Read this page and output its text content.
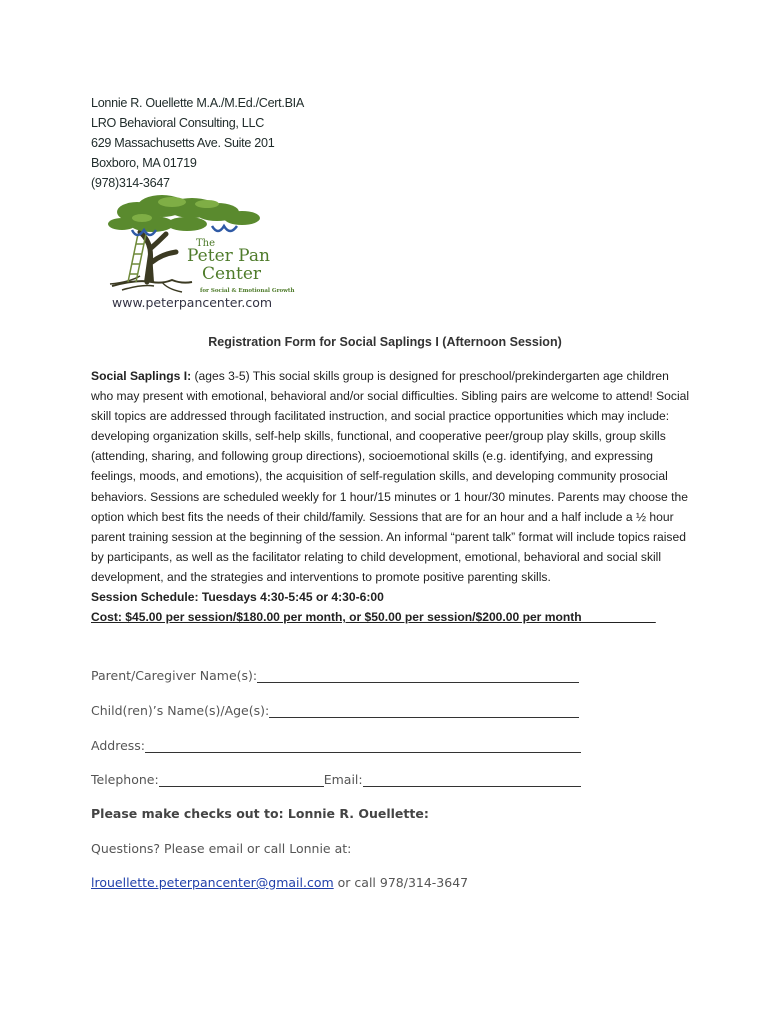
Lonnie R. Ouellette M.A./M.Ed./Cert.BIA
LRO Behavioral Consulting, LLC
629 Massachusetts Ave. Suite 201
Boxboro, MA 01719
(978)314-3647
The
Peter Pan
Center
for Social & Emotional Growth
www.peterpancenter.com
Registration Form for Social Saplings I (Afternoon Session)

Social Saplings I: (ages 3-5) This social skills group is designed for preschool/prekindergarten age children who may present with emotional, behavioral and/or social difficulties. Sibling pairs are welcome to attend! Social skill topics are addressed through facilitated instruction, and social practice opportunities which may include: developing organization skills, self-help skills, functional, and cooperative peer/group play skills, group skills (attending, sharing, and following group directions), socioemotional skills (e.g. identifying, and expressing feelings, moods, and emotions), the acquisition of self-regulation skills, and developing community prosocial behaviors. Sessions are scheduled weekly for 1 hour/15 minutes or 1 hour/30 minutes. Parents may choose the option which best fits the needs of their child/family. Sessions that are for an hour and a half include a ½ hour parent training session at the beginning of the session. An informal “parent talk” format will include topics raised by participants, as well as the facilitator relating to child development, emotional, behavioral and social skill development, and the strategies and interventions to promote positive parenting skills.

Session Schedule: Tuesdays 4:30-5:45 or 4:30-6:00

Cost: $45.00 per session/$180.00 per month, or $50.00 per session/$200.00 per month___________

Parent/Caregiver Name(s):
Child(ren)’s Name(s)/Age(s):
Address:
Telephone:	Email:
Please make checks out to: Lonnie R. Ouellette:
Questions? Please email or call Lonnie at:
lrouellette.peterpancenter@gmail.com or call 978/314-3647
